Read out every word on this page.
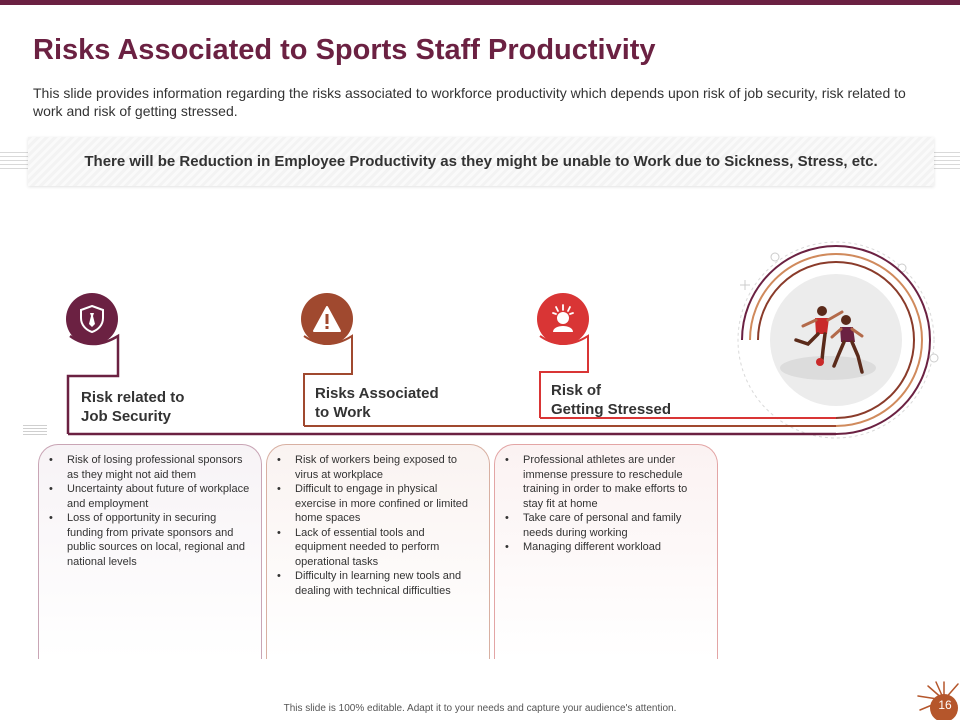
Risks Associated to Sports Staff Productivity
This slide provides information regarding the risks associated to workforce productivity which depends upon risk of job security, risk related to work and risk of getting stressed.
There will be Reduction in Employee Productivity as they might be unable to Work due to Sickness, Stress, etc.
Risk related to
Job Security
Risks Associated
to Work
Risk of
Getting Stressed
• Risk of losing professional sponsors as they might not aid them
• Uncertainty about future of workplace and employment
• Loss of opportunity in securing funding from private sponsors and public sources on local, regional and national levels
• Risk of workers being exposed to virus at workplace
• Difficult to engage in physical exercise in more confined or limited home spaces
• Lack of essential tools and equipment needed to perform operational tasks
• Difficulty in learning new tools and dealing with technical difficulties
• Professional athletes are under immense pressure to reschedule training in order to make efforts to stay fit at home
• Take care of personal and family needs during working
• Managing different workload
This slide is 100% editable. Adapt it to your needs and capture your audience's attention.	16
